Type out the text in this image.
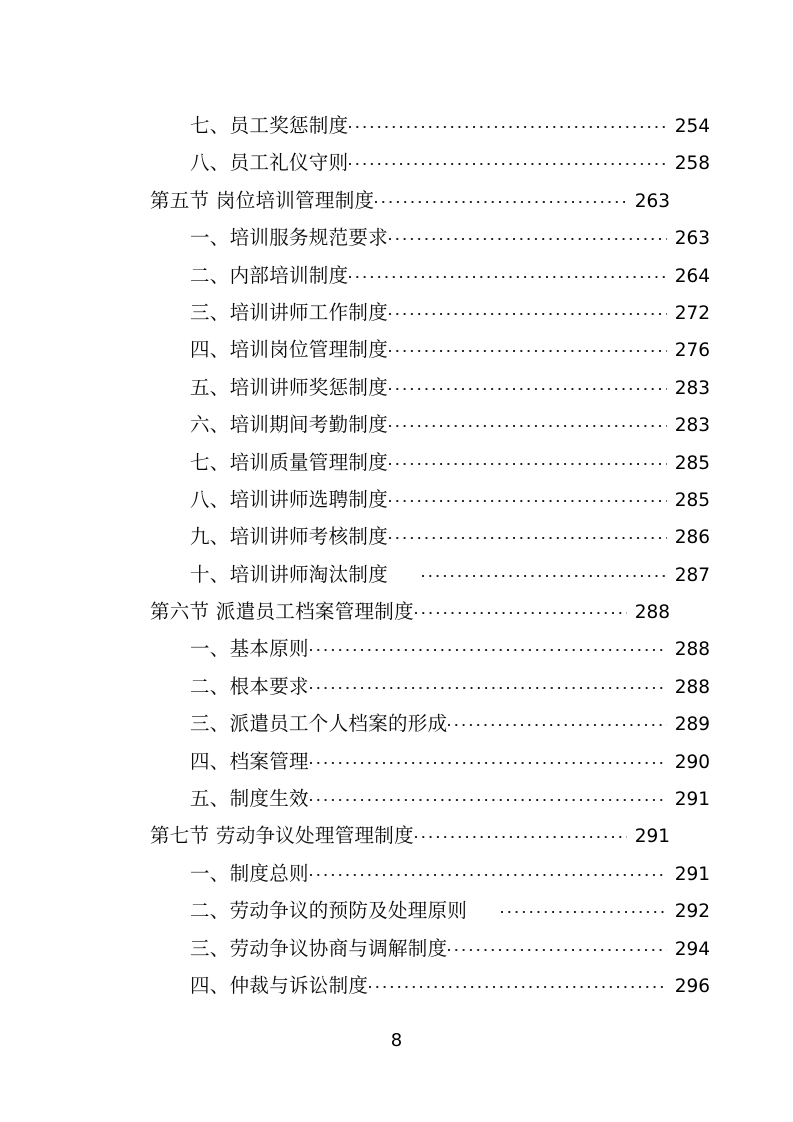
七、员工奖惩制度	254
八、员工礼仪守则	258
第五节 岗位培训管理制度	263
一、培训服务规范要求	263
二、内部培训制度	264
三、培训讲师工作制度	272
四、培训岗位管理制度	276
五、培训讲师奖惩制度	283
六、培训期间考勤制度	283
七、培训质量管理制度	285
八、培训讲师选聘制度	285
九、培训讲师考核制度	286
十、培训讲师淘汰制度	287
第六节 派遣员工档案管理制度	288
一、基本原则	288
二、根本要求	288
三、派遣员工个人档案的形成	289
四、档案管理	290
五、制度生效	291
第七节 劳动争议处理管理制度	291
一、制度总则	291
二、劳动争议的预防及处理原则	292
三、劳动争议协商与调解制度	294
四、仲裁与诉讼制度	296
8
